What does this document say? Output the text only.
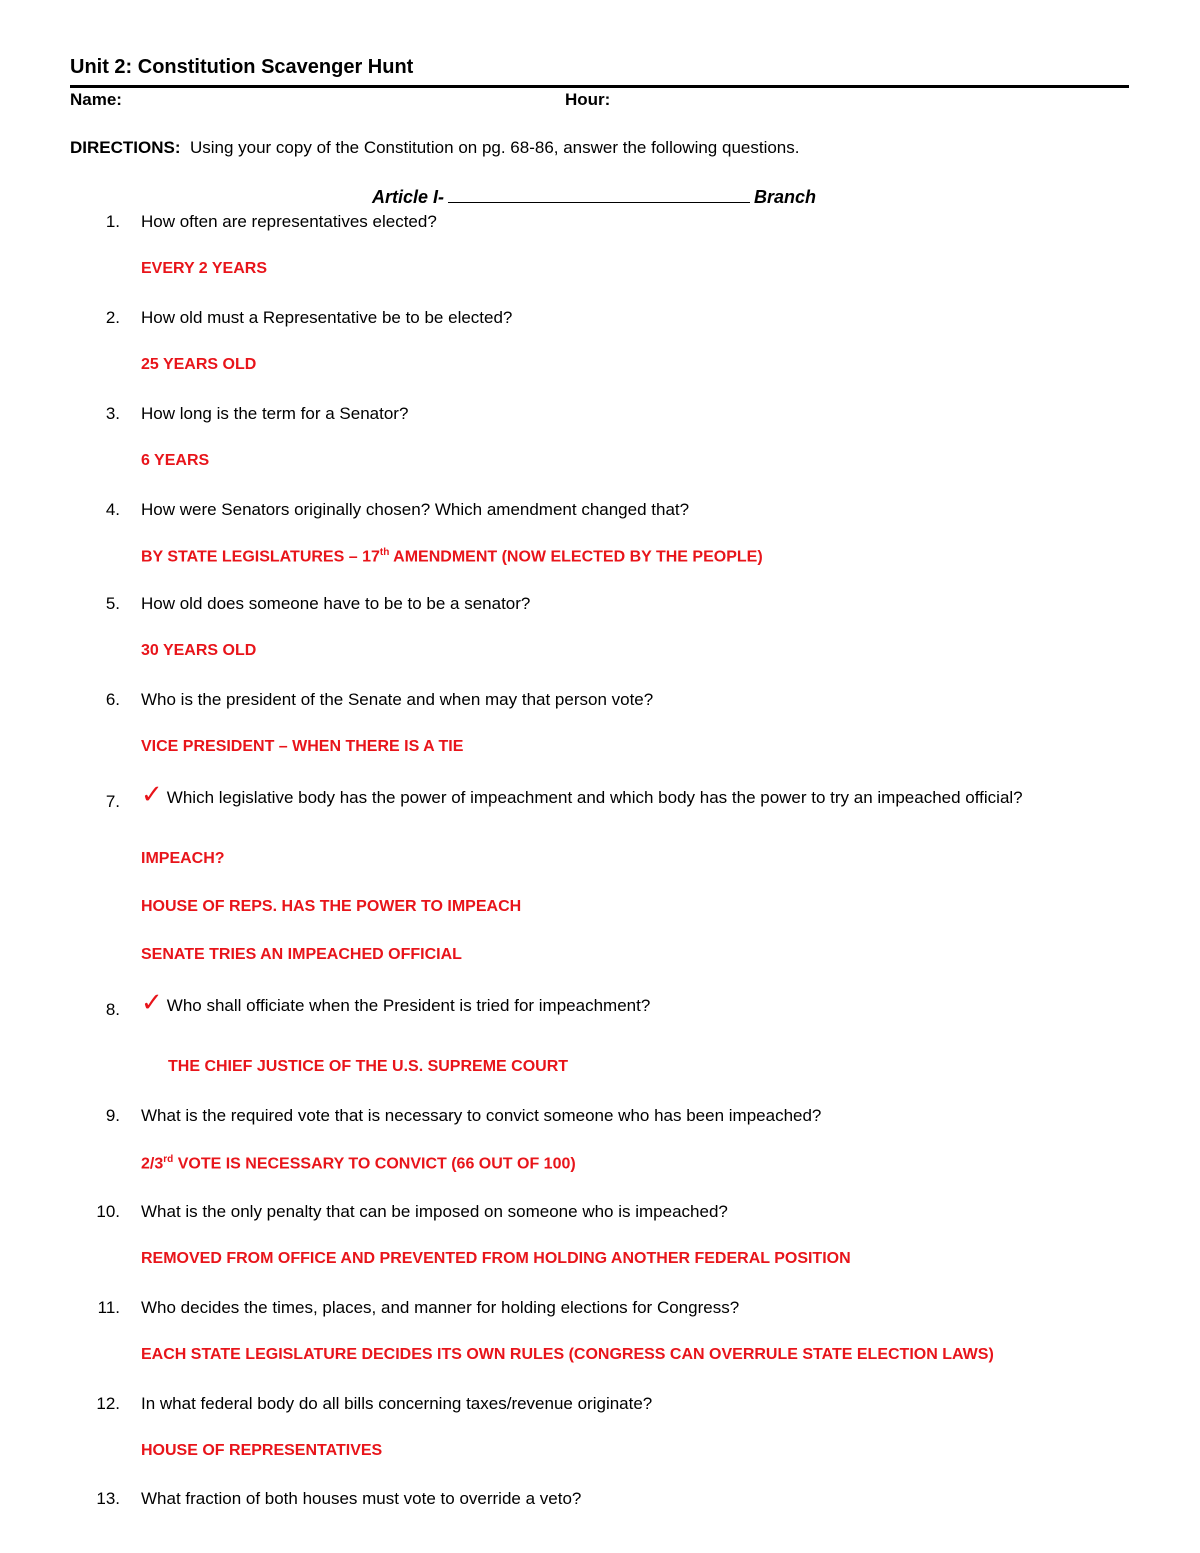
Unit 2: Constitution Scavenger Hunt
Name:	Hour:
DIRECTIONS: Using your copy of the Constitution on pg. 68-86, answer the following questions.
Article I-	Branch
1. How often are representatives elected?
EVERY 2 YEARS
2. How old must a Representative be to be elected?
25 YEARS OLD
3. How long is the term for a Senator?
6 YEARS
4. How were Senators originally chosen? Which amendment changed that?
BY STATE LEGISLATURES – 17th AMENDMENT (NOW ELECTED BY THE PEOPLE)
5. How old does someone have to be to be a senator?
30 YEARS OLD
6. Who is the president of the Senate and when may that person vote?
VICE PRESIDENT – WHEN THERE IS A TIE
7. ✓ Which legislative body has the power of impeachment and which body has the power to try an impeached official?
IMPEACH?
HOUSE OF REPS. HAS THE POWER TO IMPEACH
SENATE TRIES AN IMPEACHED OFFICIAL
8. ✓ Who shall officiate when the President is tried for impeachment?
THE CHIEF JUSTICE OF THE U.S. SUPREME COURT
9. What is the required vote that is necessary to convict someone who has been impeached?
2/3rd VOTE IS NECESSARY TO CONVICT (66 OUT OF 100)
10. What is the only penalty that can be imposed on someone who is impeached?
REMOVED FROM OFFICE AND PREVENTED FROM HOLDING ANOTHER FEDERAL POSITION
11. Who decides the times, places, and manner for holding elections for Congress?
EACH STATE LEGISLATURE DECIDES ITS OWN RULES (CONGRESS CAN OVERRULE STATE ELECTION LAWS)
12. In what federal body do all bills concerning taxes/revenue originate?
HOUSE OF REPRESENTATIVES
13. What fraction of both houses must vote to override a veto?
